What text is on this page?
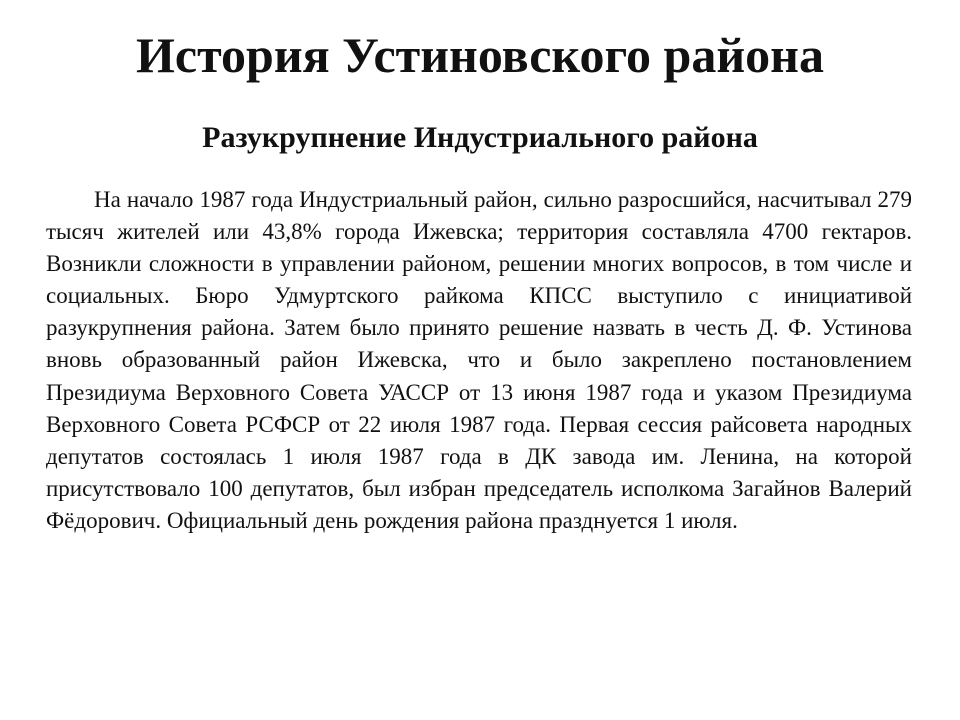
История Устиновского района
Разукрупнение Индустриального района

На начало 1987 года Индустриальный район, сильно разросшийся, насчитывал 279 тысяч жителей или 43,8% города Ижевска; территория составляла 4700 гектаров. Возникли сложности в управлении районом, решении многих вопросов, в том числе и социальных. Бюро Удмуртского райкома КПСС выступило с инициативой разукрупнения района. Затем было принято решение назвать в честь Д. Ф. Устинова вновь образованный район Ижевска, что и было закреплено постановлением Президиума Верховного Совета УАССР от 13 июня 1987 года и указом Президиума Верховного Совета РСФСР от 22 июля 1987 года. Первая сессия райсовета народных депутатов состоялась 1 июля 1987 года в ДК завода им. Ленина, на которой присутствовало 100 депутатов, был избран председатель исполкома Загайнов Валерий Фёдорович. Официальный день рождения района празднуется 1 июля.
